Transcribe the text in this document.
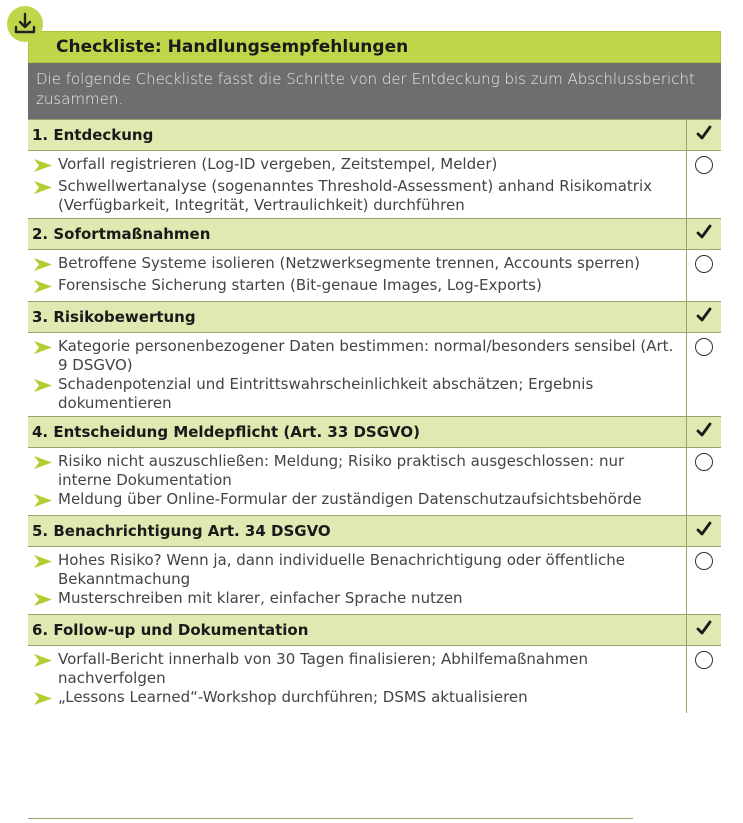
Checkliste: Handlungsempfehlungen
Die folgende Checkliste fasst die Schritte von der Entdeckung bis zum Abschlussbericht zusammen.
1. Entdeckung	

Vorfall registrieren (Log-ID vergeben, Zeitstempel, Melder)
Schwellwertanalyse (sogenanntes Threshold-Assessment) anhand Risikomatrix (Verfügbarkeit, Integrität, Vertraulichkeit) durchführen	

2. Sofortmaßnahmen	

Betroffene Systeme isolieren (Netzwerksegmente trennen, Accounts sperren)
Forensische Sicherung starten (Bit-genaue Images, Log-Exports)	

3. Risikobewertung	

Kategorie personenbezogener Daten bestimmen: normal/besonders sensibel (Art. 9 DSGVO)
Schadenpotenzial und Eintrittswahrscheinlichkeit abschätzen; Ergebnis dokumentieren	

4. Entscheidung Meldepflicht (Art. 33 DSGVO)	

Risiko nicht auszuschließen: Meldung; Risiko praktisch ausgeschlossen: nur interne Dokumentation
Meldung über Online-Formular der zuständigen Datenschutzaufsichtsbehörde	

5. Benachrichtigung Art. 34 DSGVO	

Hohes Risiko? Wenn ja, dann individuelle Benachrichtigung oder öffentliche Bekanntmachung
Musterschreiben mit klarer, einfacher Sprache nutzen	

6. Follow-up und Dokumentation	

Vorfall-Bericht innerhalb von 30 Tagen finalisieren; Abhilfemaßnahmen nachverfolgen
„Lessons Learned“-Workshop durchführen; DSMS aktualisieren	
